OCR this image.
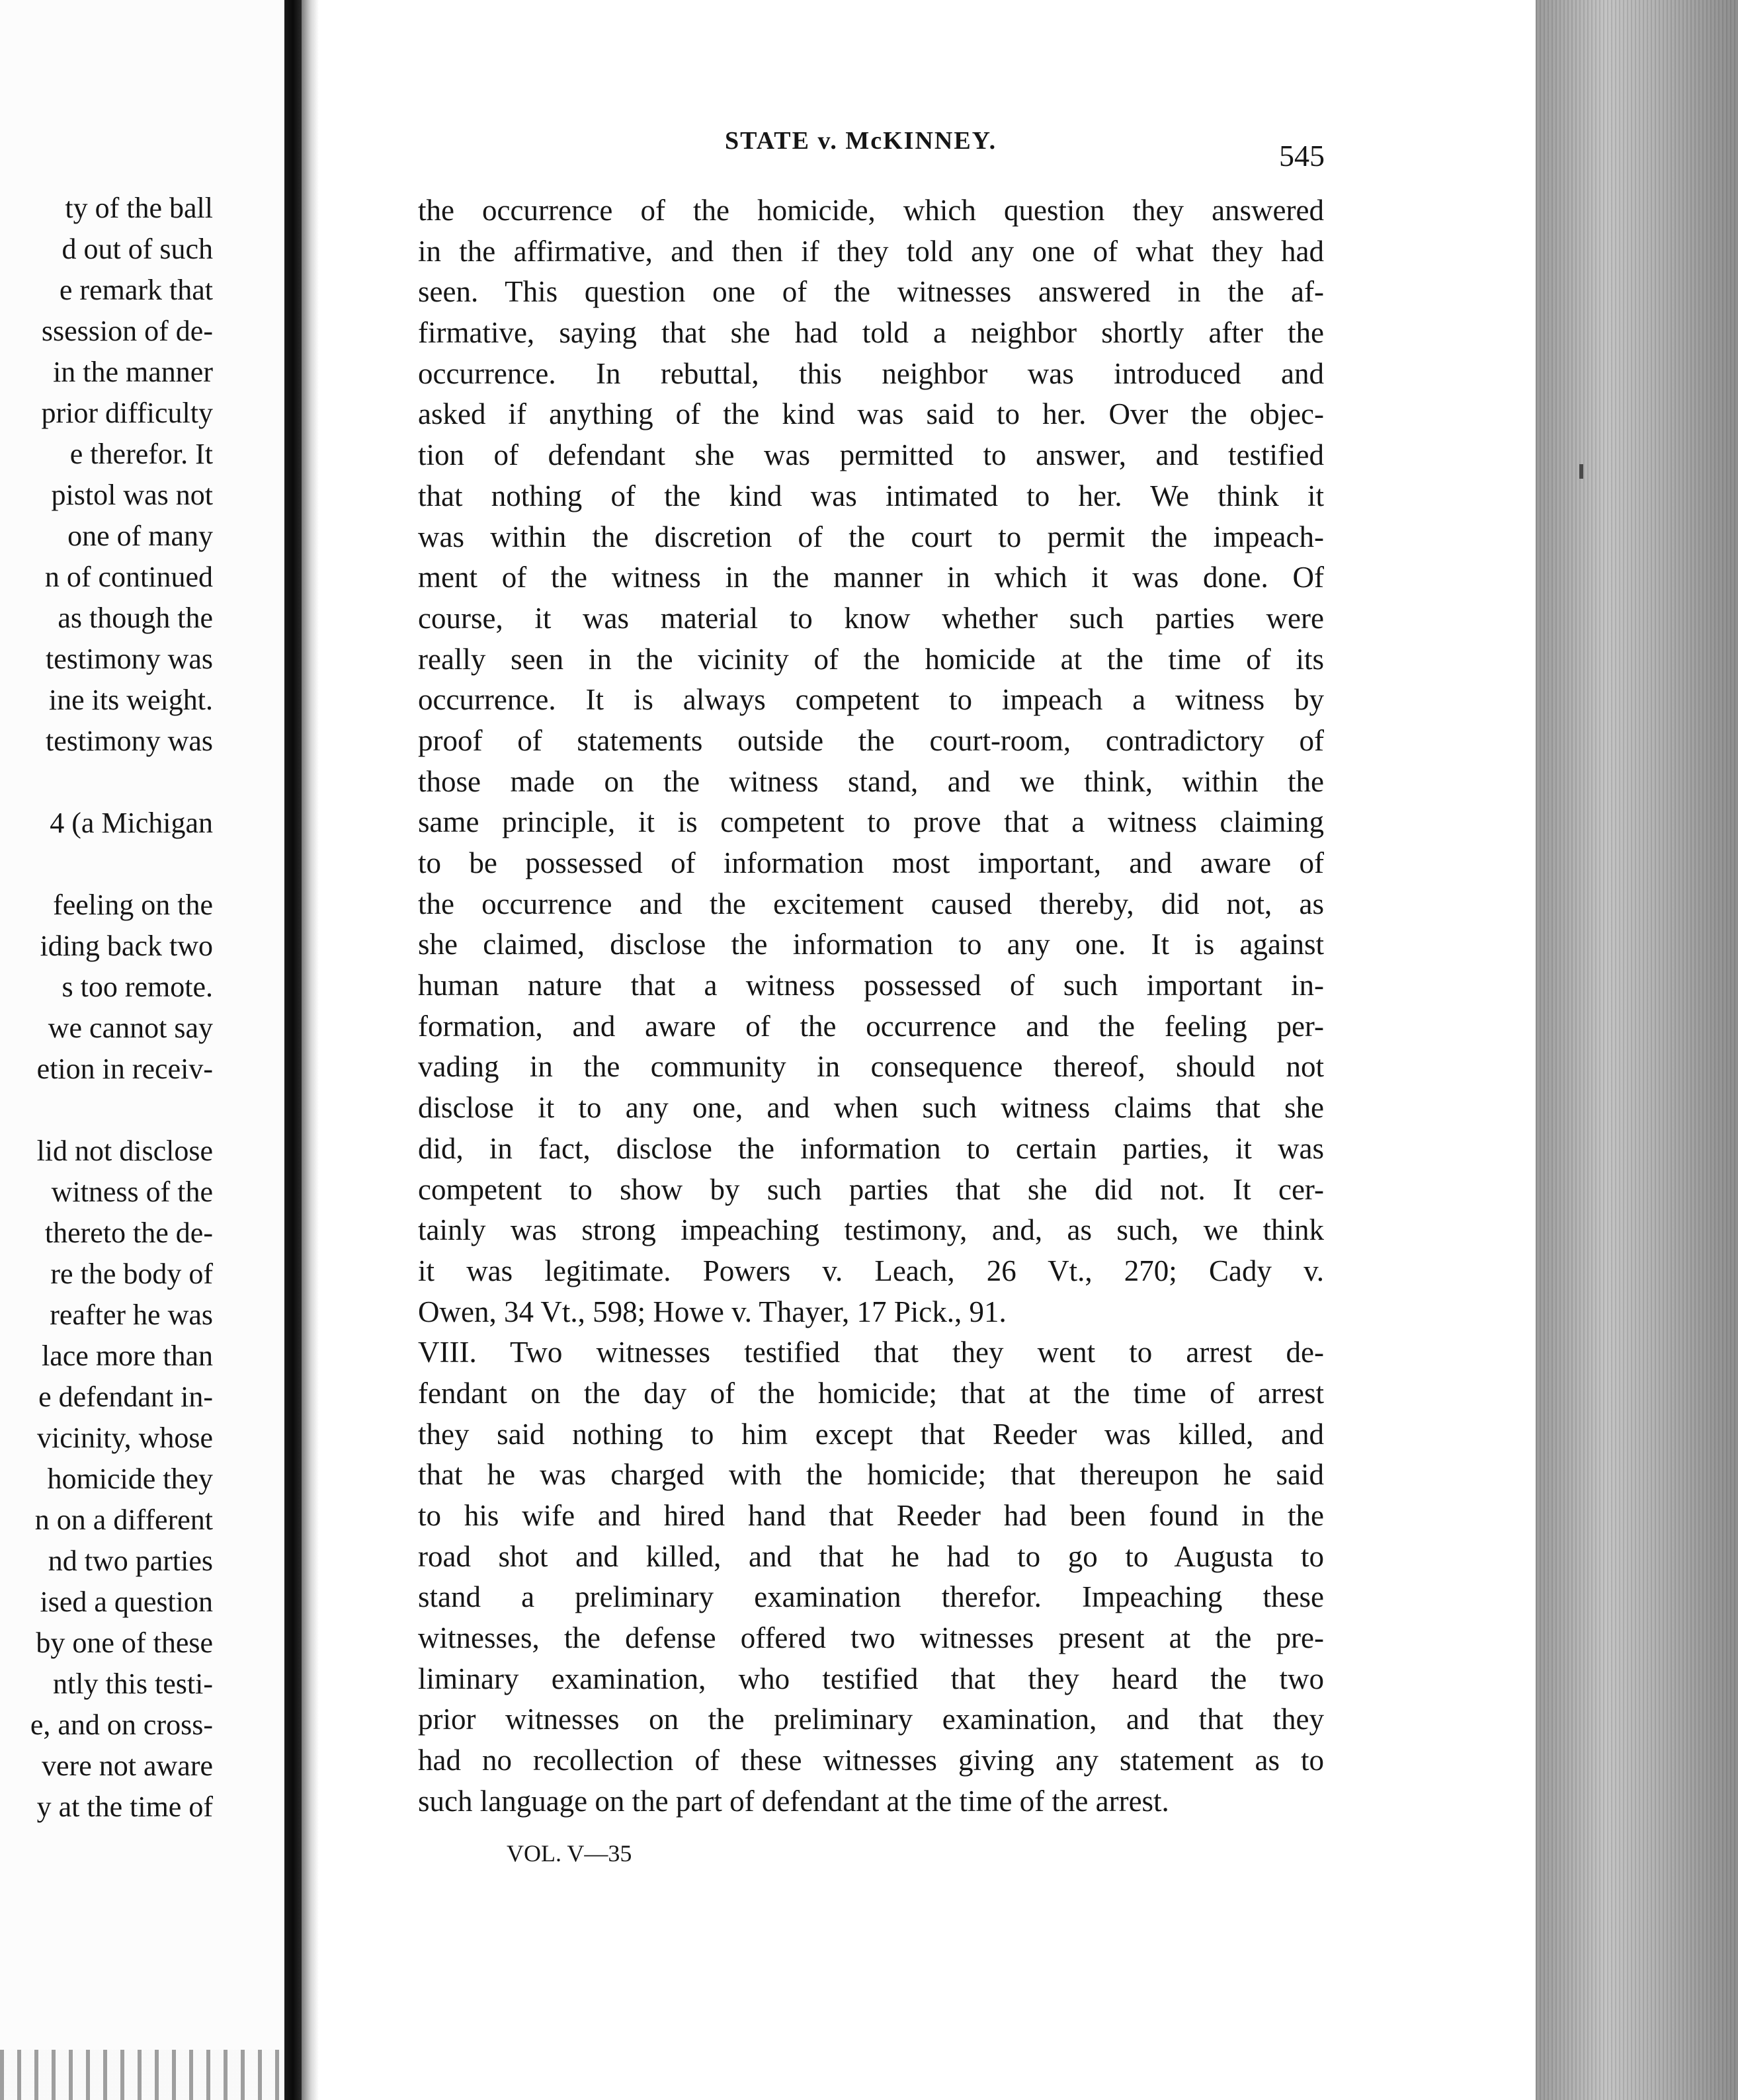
ty of the ball
d out of such
e remark that
ssession of de-
in the manner
prior difficulty
e therefor. It
pistol was not
one of many
n of continued
as though the
testimony was
ine its weight.
testimony was
4 (a Michigan
feeling on the
iding back two
s too remote.
we cannot say
etion in receiv-
lid not disclose
witness of the
thereto the de-
re the body of
reafter he was
lace more than
e defendant in-
vicinity, whose
homicide they
n on a different
nd two parties
ised a question
by one of these
ntly this testi-
e, and on cross-
vere not aware
y at the time of
STATE v. McKINNEY.	545
the occurrence of the homicide, which question they answered
in the affirmative, and then if they told any one of what they had
seen. This question one of the witnesses answered in the af-
firmative, saying that she had told a neighbor shortly after the
occurrence. In rebuttal, this neighbor was introduced and
asked if anything of the kind was said to her. Over the objec-
tion of defendant she was permitted to answer, and testified
that nothing of the kind was intimated to her. We think it
was within the discretion of the court to permit the impeach-
ment of the witness in the manner in which it was done. Of
course, it was material to know whether such parties were
really seen in the vicinity of the homicide at the time of its
occurrence. It is always competent to impeach a witness by
proof of statements outside the court-room, contradictory of
those made on the witness stand, and we think, within the
same principle, it is competent to prove that a witness claiming
to be possessed of information most important, and aware of
the occurrence and the excitement caused thereby, did not, as
she claimed, disclose the information to any one. It is against
human nature that a witness possessed of such important in-
formation, and aware of the occurrence and the feeling per-
vading in the community in consequence thereof, should not
disclose it to any one, and when such witness claims that she
did, in fact, disclose the information to certain parties, it was
competent to show by such parties that she did not. It cer-
tainly was strong impeaching testimony, and, as such, we think
it was legitimate. Powers v. Leach, 26 Vt., 270; Cady v.
Owen, 34 Vt., 598; Howe v. Thayer, 17 Pick., 91.
VIII. Two witnesses testified that they went to arrest de-
fendant on the day of the homicide; that at the time of arrest
they said nothing to him except that Reeder was killed, and
that he was charged with the homicide; that thereupon he said
to his wife and hired hand that Reeder had been found in the
road shot and killed, and that he had to go to Augusta to
stand a preliminary examination therefor. Impeaching these
witnesses, the defense offered two witnesses present at the pre-
liminary examination, who testified that they heard the two
prior witnesses on the preliminary examination, and that they
had no recollection of these witnesses giving any statement as to
such language on the part of defendant at the time of the arrest.
VOL. V—35
